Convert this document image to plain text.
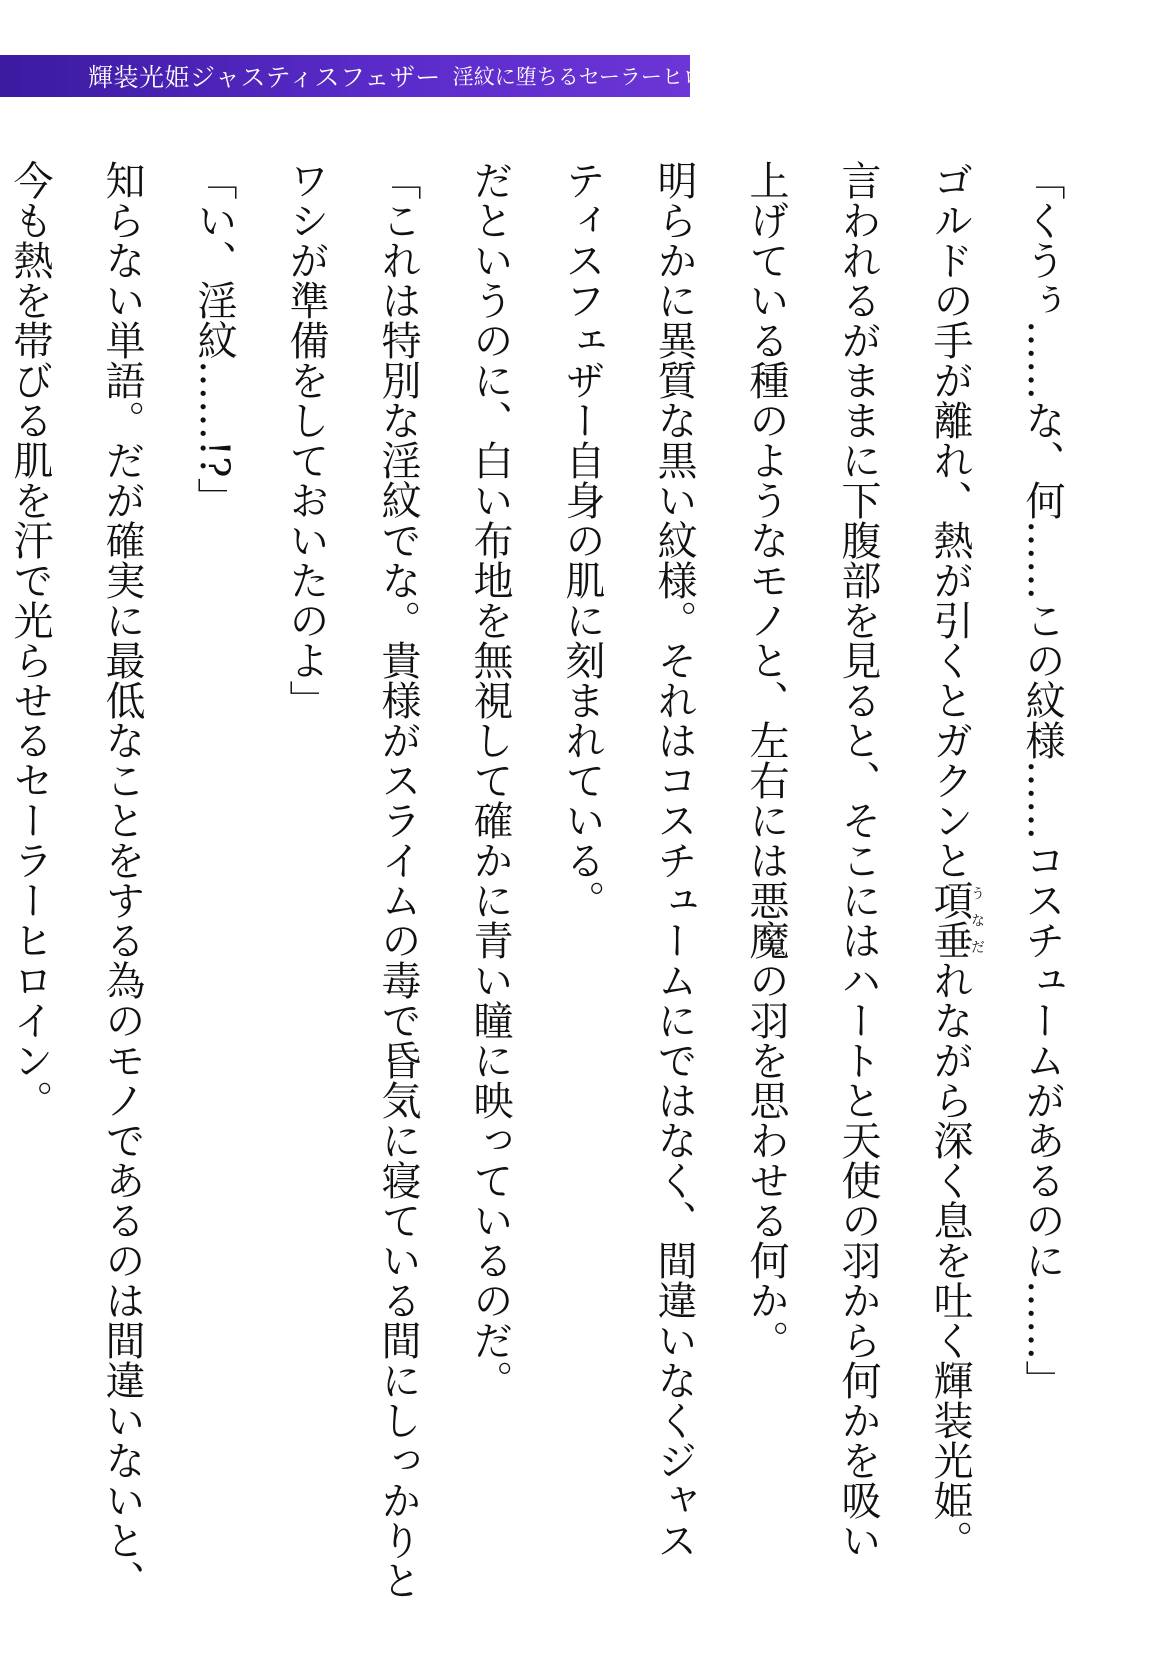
輝装光姫ジャスティスフェザー 淫紋に堕ちるセーラーヒロイン
「くうぅ……な、何……この紋様……コスチュームがあるのに……」
ゴルドの手が離れ、熱が引くとガクンと項垂うなだれながら深く息を吐く輝装光姫。
言われるがままに下腹部を見ると、そこにはハートと天使の羽から何かを吸い
上げている種のようなモノと、左右には悪魔の羽を思わせる何か。
明らかに異質な黒い紋様。それはコスチュームにではなく、間違いなくジャス
ティスフェザー自身の肌に刻まれている。
だというのに、白い布地を無視して確かに青い瞳に映っているのだ。
「これは特別な淫紋でな。貴様がスライムの毒で昏気に寝ている間にしっかりと
ワシが準備をしておいたのよ」
「い、淫紋……!?」
知らない単語。だが確実に最低なことをする為のモノであるのは間違いないと、
今も熱を帯びる肌を汗で光らせるセーラーヒロイン。
